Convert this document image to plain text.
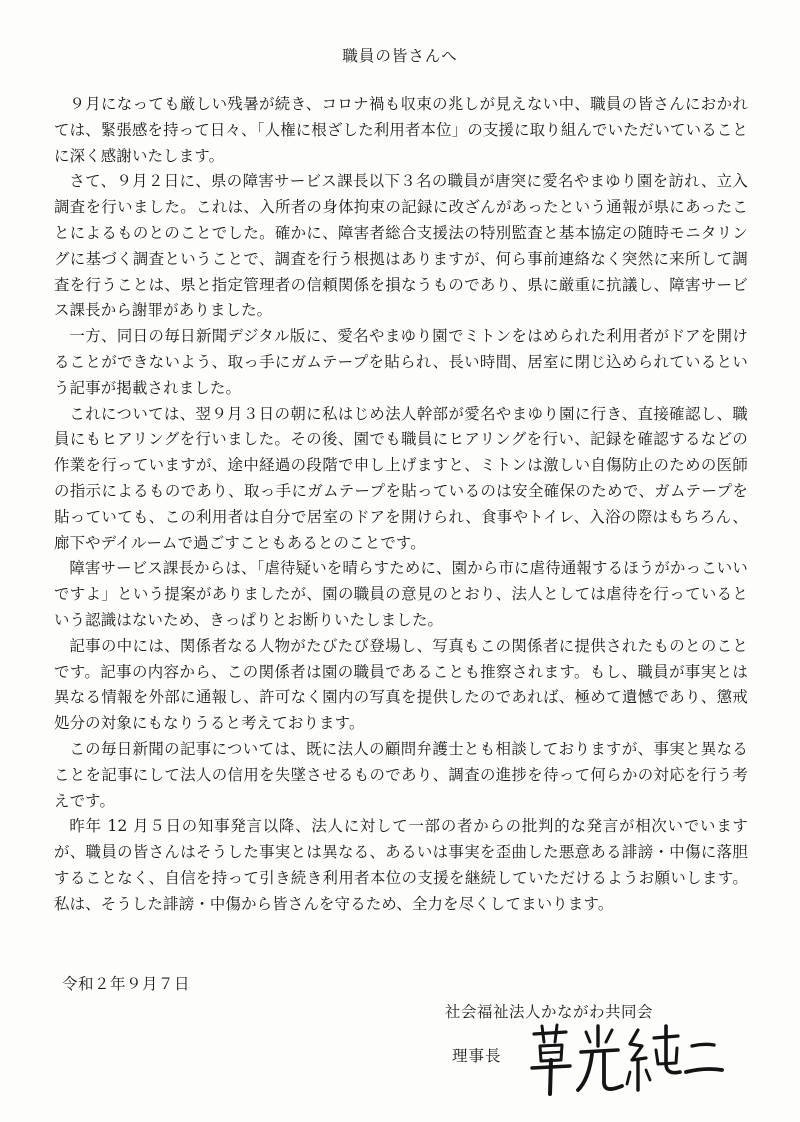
職員の皆さんへ

９月になっても厳しい残暑が続き、コロナ禍も収束の兆しが見えない中、職員の皆さんにおかれては、緊張感を持って日々、「人権に根ざした利用者本位」の支援に取り組んでいただいていることに深く感謝いたします。

さて、９月２日に、県の障害サービス課長以下３名の職員が唐突に愛名やまゆり園を訪れ、立入調査を行いました。これは、入所者の身体拘束の記録に改ざんがあったという通報が県にあったことによるものとのことでした。確かに、障害者総合支援法の特別監査と基本協定の随時モニタリングに基づく調査ということで、調査を行う根拠はありますが、何ら事前連絡なく突然に来所して調査を行うことは、県と指定管理者の信頼関係を損なうものであり、県に厳重に抗議し、障害サービス課長から謝罪がありました。

一方、同日の毎日新聞デジタル版に、愛名やまゆり園でミトンをはめられた利用者がドアを開けることができないよう、取っ手にガムテープを貼られ、長い時間、居室に閉じ込められているという記事が掲載されました。

これについては、翌９月３日の朝に私はじめ法人幹部が愛名やまゆり園に行き、直接確認し、職員にもヒアリングを行いました。その後、園でも職員にヒアリングを行い、記録を確認するなどの作業を行っていますが、途中経過の段階で申し上げますと、ミトンは激しい自傷防止のための医師の指示によるものであり、取っ手にガムテープを貼っているのは安全確保のためで、ガムテープを貼っていても、この利用者は自分で居室のドアを開けられ、食事やトイレ、入浴の際はもちろん、廊下やデイルームで過ごすこともあるとのことです。

障害サービス課長からは、「虐待疑いを晴らすために、園から市に虐待通報するほうがかっこいいですよ」という提案がありましたが、園の職員の意見のとおり、法人としては虐待を行っているという認識はないため、きっぱりとお断りいたしました。

記事の中には、関係者なる人物がたびたび登場し、写真もこの関係者に提供されたものとのことです。記事の内容から、この関係者は園の職員であることも推察されます。もし、職員が事実とは異なる情報を外部に通報し、許可なく園内の写真を提供したのであれば、極めて遺憾であり、懲戒処分の対象にもなりうると考えております。

この毎日新聞の記事については、既に法人の顧問弁護士とも相談しておりますが、事実と異なることを記事にして法人の信用を失墜させるものであり、調査の進捗を待って何らかの対応を行う考えです。

昨年 12 月５日の知事発言以降、法人に対して一部の者からの批判的な発言が相次いでいますが、職員の皆さんはそうした事実とは異なる、あるいは事実を歪曲した悪意ある誹謗・中傷に落胆することなく、自信を持って引き続き利用者本位の支援を継続していただけるようお願いします。私は、そうした誹謗・中傷から皆さんを守るため、全力を尽くしてまいります。

令和２年９月７日
社会福祉法人かながわ共同会
理事長
